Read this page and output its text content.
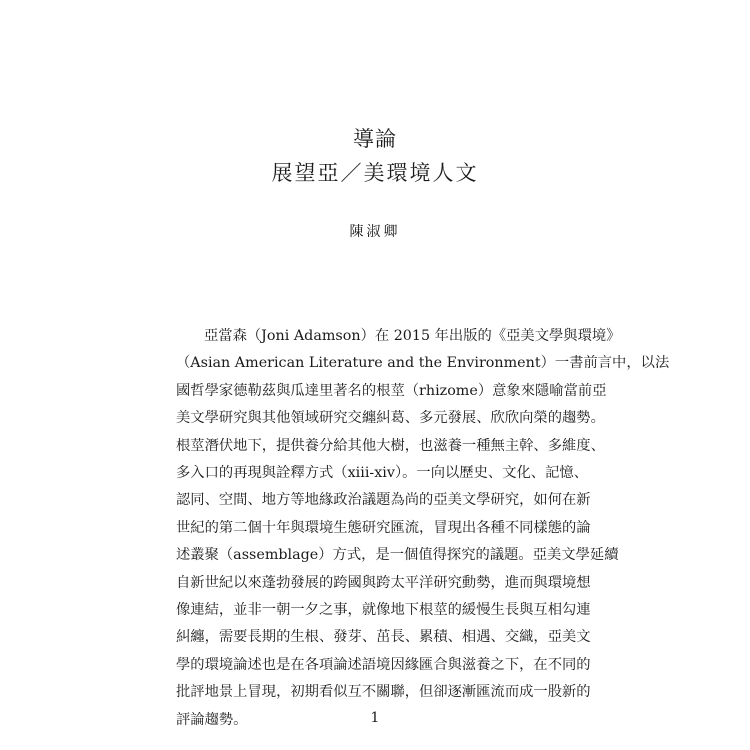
導論
展望亞／美環境人文
陳淑卿
亞當森（Joni Adamson）在 2015 年出版的《亞美文學與環境》
（Asian American Literature and the Environment）一書前言中，以法
國哲學家德勒茲與瓜達里著名的根莖（rhizome）意象來隱喻當前亞
美文學研究與其他領域研究交纏糾葛、多元發展、欣欣向榮的趨勢。
根莖潛伏地下，提供養分給其他大樹，也滋養一種無主幹、多維度、
多入口的再現與詮釋方式（xiii-xiv）。一向以歷史、文化、記憶、
認同、空間、地方等地緣政治議題為尚的亞美文學研究，如何在新
世紀的第二個十年與環境生態研究匯流，冒現出各種不同樣態的論
述叢聚（assemblage）方式，是一個值得探究的議題。亞美文學延續
自新世紀以來蓬勃發展的跨國與跨太平洋研究動勢，進而與環境想
像連結，並非一朝一夕之事，就像地下根莖的緩慢生長與互相勾連
糾纏，需要長期的生根、發芽、茁長、累積、相遇、交織，亞美文
學的環境論述也是在各項論述語境因緣匯合與滋養之下，在不同的
批評地景上冒現，初期看似互不關聯，但卻逐漸匯流而成一股新的
評論趨勢。	1
